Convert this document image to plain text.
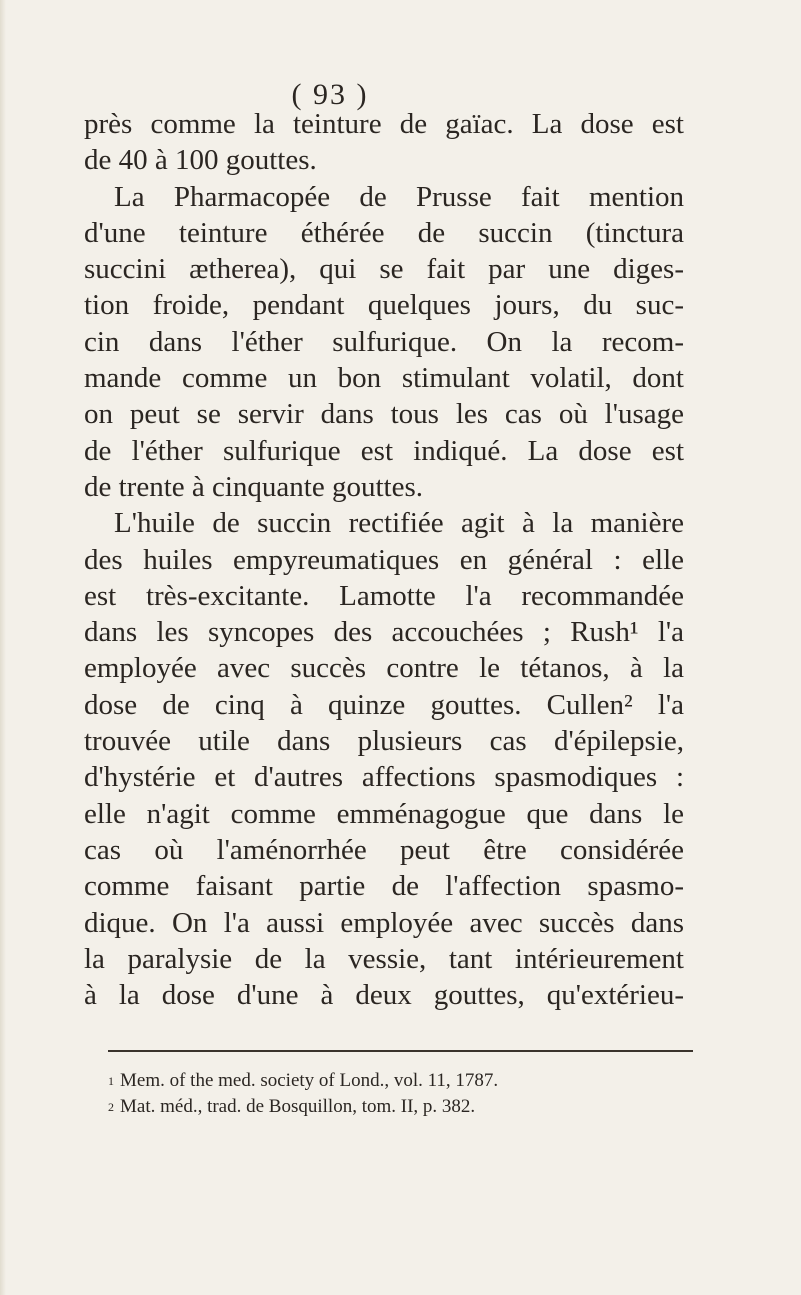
( 93 )
près comme la teinture de gaïac. La dose est
de 40 à 100 gouttes.
La Pharmacopée de Prusse fait mention
d'une teinture éthérée de succin (tinctura
succini ætherea), qui se fait par une diges-
tion froide, pendant quelques jours, du suc-
cin dans l'éther sulfurique. On la recom-
mande comme un bon stimulant volatil, dont
on peut se servir dans tous les cas où l'usage
de l'éther sulfurique est indiqué. La dose est
de trente à cinquante gouttes.
L'huile de succin rectifiée agit à la manière
des huiles empyreumatiques en général : elle
est très-excitante. Lamotte l'a recommandée
dans les syncopes des accouchées ; Rush¹ l'a
employée avec succès contre le tétanos, à la
dose de cinq à quinze gouttes. Cullen² l'a
trouvée utile dans plusieurs cas d'épilepsie,
d'hystérie et d'autres affections spasmodiques :
elle n'agit comme emménagogue que dans le
cas où l'aménorrhée peut être considérée
comme faisant partie de l'affection spasmo-
dique. On l'a aussi employée avec succès dans
la paralysie de la vessie, tant intérieurement
à la dose d'une à deux gouttes, qu'extérieu-
$^1$ Mem. of the med. society of Lond., vol. 11, 1787.
$^2$ Mat. méd., trad. de Bosquillon, tom. II, p. 382.
